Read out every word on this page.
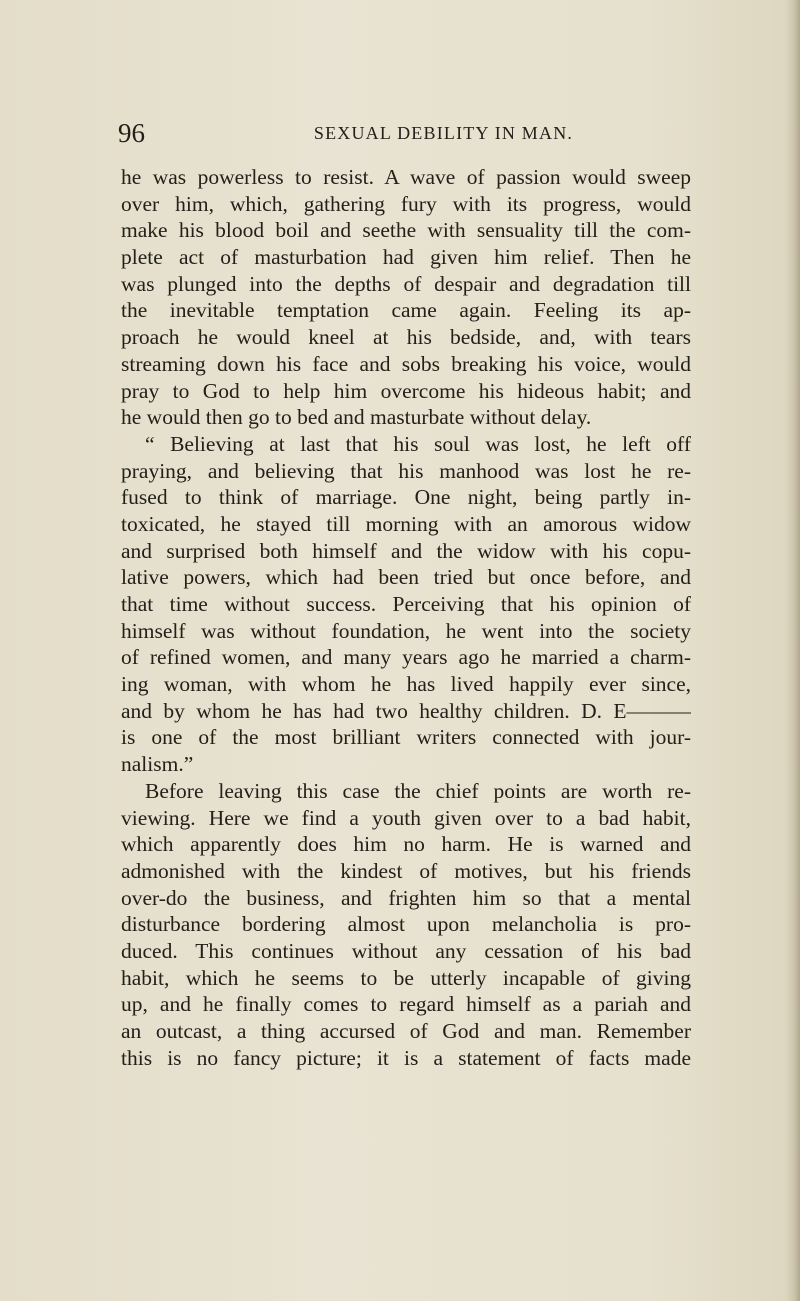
96	SEXUAL DEBILITY IN MAN.
he was powerless to resist. A wave of passion would sweep
over him, which, gathering fury with its progress, would
make his blood boil and seethe with sensuality till the com-
plete act of masturbation had given him relief. Then he
was plunged into the depths of despair and degradation till
the inevitable temptation came again. Feeling its ap-
proach he would kneel at his bedside, and, with tears
streaming down his face and sobs breaking his voice, would
pray to God to help him overcome his hideous habit; and
he would then go to bed and masturbate without delay.
“ Believing at last that his soul was lost, he left off
praying, and believing that his manhood was lost he re-
fused to think of marriage. One night, being partly in-
toxicated, he stayed till morning with an amorous widow
and surprised both himself and the widow with his copu-
lative powers, which had been tried but once before, and
that time without success. Perceiving that his opinion of
himself was without foundation, he went into the society
of refined women, and many years ago he married a charm-
ing woman, with whom he has lived happily ever since,
and by whom he has had two healthy children. D. E———
is one of the most brilliant writers connected with jour-
nalism.”
Before leaving this case the chief points are worth re-
viewing. Here we find a youth given over to a bad habit,
which apparently does him no harm. He is warned and
admonished with the kindest of motives, but his friends
over-do the business, and frighten him so that a mental
disturbance bordering almost upon melancholia is pro-
duced. This continues without any cessation of his bad
habit, which he seems to be utterly incapable of giving
up, and he finally comes to regard himself as a pariah and
an outcast, a thing accursed of God and man. Remember
this is no fancy picture; it is a statement of facts made
